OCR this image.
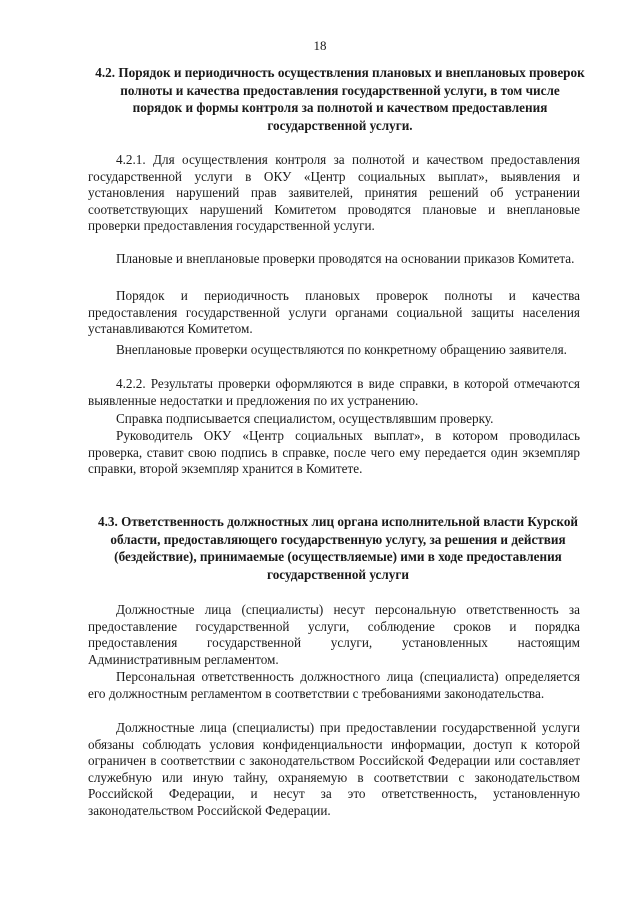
18
4.2. Порядок и периодичность осуществления плановых и внеплановых проверок полноты и качества предоставления государственной услуги, в том числе порядок и формы контроля за полнотой и качеством предоставления государственной услуги.

4.2.1. Для осуществления контроля за полнотой и качеством предоставления государственной услуги в ОКУ «Центр социальных выплат», выявления и установления нарушений прав заявителей, принятия решений об устранении соответствующих нарушений Комитетом проводятся плановые и внеплановые проверки предоставления государственной услуги.

Плановые и внеплановые проверки проводятся на основании приказов Комитета.

Порядок и периодичность плановых проверок полноты и качества предоставления государственной услуги органами социальной защиты населения устанавливаются Комитетом.

Внеплановые проверки осуществляются по конкретному обращению заявителя.

4.2.2. Результаты проверки оформляются в виде справки, в которой отмечаются выявленные недостатки и предложения по их устранению.

Справка подписывается специалистом, осуществлявшим проверку.

Руководитель ОКУ «Центр социальных выплат», в котором проводилась проверка, ставит свою подпись в справке, после чего ему передается один экземпляр справки, второй экземпляр хранится в Комитете.

4.3. Ответственность должностных лиц органа исполнительной власти Курской области, предоставляющего государственную услугу, за решения и действия (бездействие), принимаемые (осуществляемые) ими в ходе предоставления государственной услуги

Должностные лица (специалисты) несут персональную ответственность за предоставление государственной услуги, соблюдение сроков и порядка предоставления государственной услуги, установленных настоящим Административным регламентом.

Персональная ответственность должностного лица (специалиста) определяется его должностным регламентом в соответствии с требованиями законодательства.

Должностные лица (специалисты) при предоставлении государственной услуги обязаны соблюдать условия конфиденциальности информации, доступ к которой ограничен в соответствии с законодательством Российской Федерации или составляет служебную или иную тайну, охраняемую в соответствии с законодательством Российской Федерации, и несут за это ответственность, установленную законодательством Российской Федерации.
